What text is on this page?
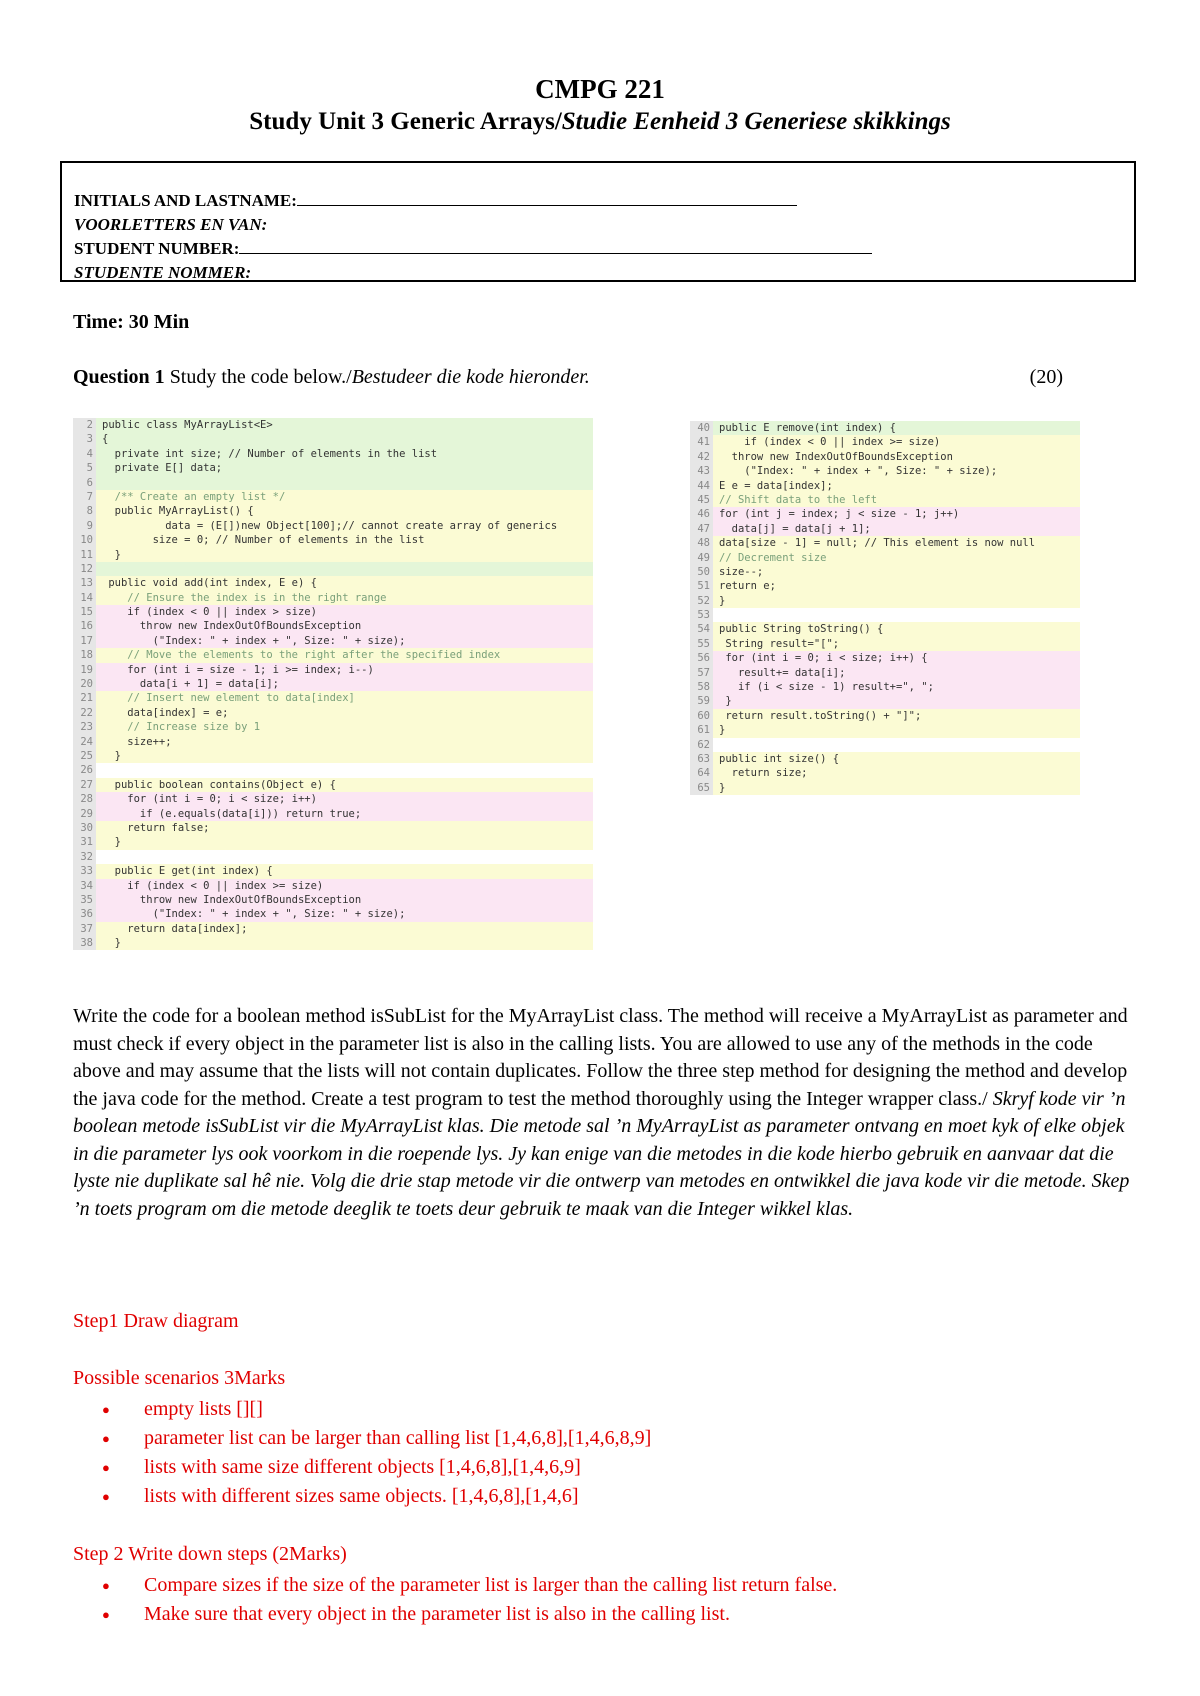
CMPG 221
Study Unit 3 Generic Arrays/Studie Eenheid 3 Generiese skikkings
INITIALS AND LASTNAME:
VOORLETTERS EN VAN:
STUDENT NUMBER:
STUDENTE NOMMER:
Time: 30 Min
Question 1 Study the code below./Bestudeer die kode hieronder.	(20)
2 public class MyArrayList<E>
3 {
4  private int size; // Number of elements in the list
5  private E[] data;
6
7  /** Create an empty list */
8  public MyArrayList() {
9          data = (E[])new Object[100];// cannot create array of generics
10        size = 0; // Number of elements in the list
11  }
12
13 public void add(int index, E e) {
14    // Ensure the index is in the right range
15    if (index < 0 || index > size)
16      throw new IndexOutOfBoundsException
17        ("Index: " + index + ", Size: " + size);
18    // Move the elements to the right after the specified index
19    for (int i = size - 1; i >= index; i--)
20      data[i + 1] = data[i];
21    // Insert new element to data[index]
22    data[index] = e;
23    // Increase size by 1
24    size++;
25  }
26
27  public boolean contains(Object e) {
28    for (int i = 0; i < size; i++)
29      if (e.equals(data[i])) return true;
30    return false;
31  }
32
33  public E get(int index) {
34    if (index < 0 || index >= size)
35      throw new IndexOutOfBoundsException
36        ("Index: " + index + ", Size: " + size);
37    return data[index];
38  }
40 public E remove(int index) {
41    if (index < 0 || index >= size)
42  throw new IndexOutOfBoundsException
43    ("Index: " + index + ", Size: " + size);
44 E e = data[index];
45 // Shift data to the left
46 for (int j = index; j < size - 1; j++)
47  data[j] = data[j + 1];
48 data[size - 1] = null; // This element is now null
49 // Decrement size
50 size--;
51 return e;
52 }
53
54 public String toString() {
55 String result="[";
56 for (int i = 0; i < size; i++) {
57   result+= data[i];
58   if (i < size - 1) result+=", ";
59 }
60 return result.toString() + "]";
61 }
62
63 public int size() {
64  return size;
65 }
Write the code for a boolean method isSubList for the MyArrayList class. The method will receive a MyArrayList as parameter and must check if every object in the parameter list is also in the calling lists. You are allowed to use any of the methods in the code above and may assume that the lists will not contain duplicates. Follow the three step method for designing the method and develop the java code for the method. Create a test program to test the method thoroughly using the Integer wrapper class./ Skryf kode vir ’n boolean metode isSubList vir die MyArrayList klas. Die metode sal ’n MyArrayList as parameter ontvang en moet kyk of elke objek in die parameter lys ook voorkom in die roepende lys. Jy kan enige van die metodes in die kode hierbo gebruik en aanvaar dat die lyste nie duplikate sal hê nie. Volg die drie stap metode vir die ontwerp van metodes en ontwikkel die java kode vir die metode. Skep ’n toets program om die metode deeglik te toets deur gebruik te maak van die Integer wikkel klas.
Step1 Draw diagram
Possible scenarios 3Marks
● empty lists [][]
● parameter list can be larger than calling list [1,4,6,8],[1,4,6,8,9]
● lists with same size different objects [1,4,6,8],[1,4,6,9]
● lists with different sizes same objects. [1,4,6,8],[1,4,6]
Step 2 Write down steps (2Marks)
● Compare sizes if the size of the parameter list is larger than the calling list return false.
● Make sure that every object in the parameter list is also in the calling list.
